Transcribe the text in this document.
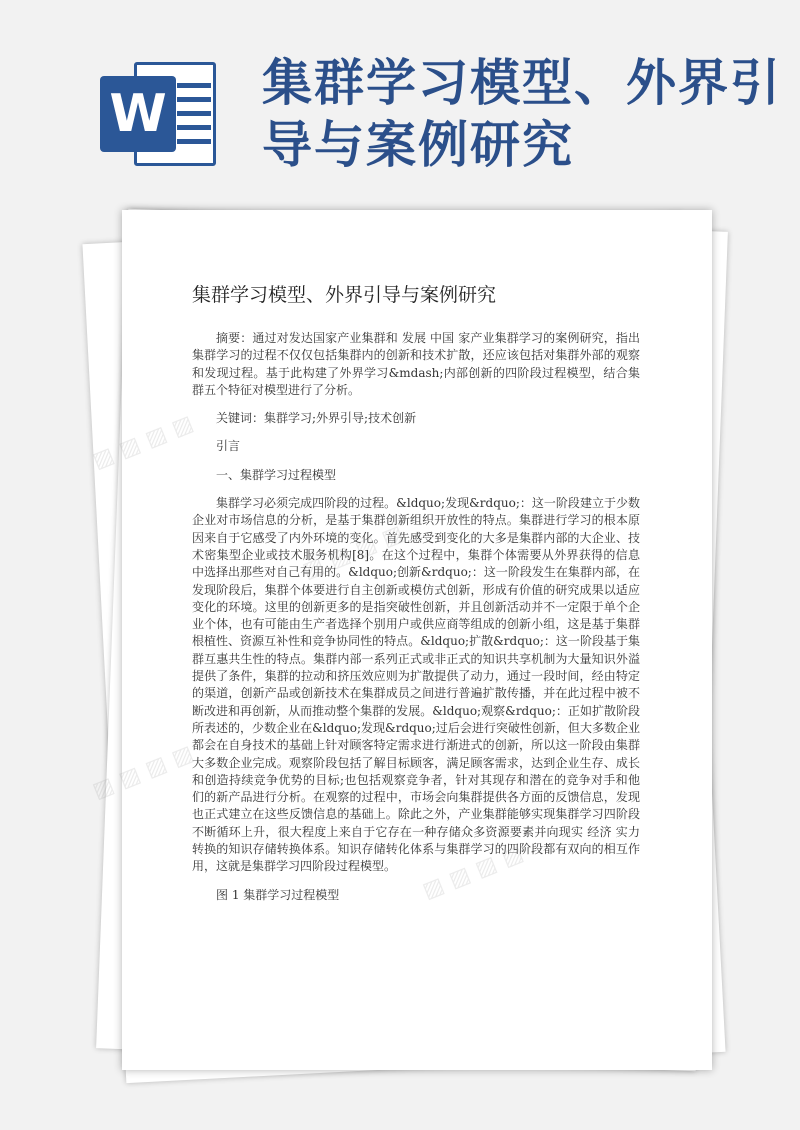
W
集群学习模型、外界引导与案例研究
集群学习模型、外界引导与案例研究

摘要：通过对发达国家产业集群和 发展 中国 家产业集群学习的案例研究，指出集群学习的过程不仅仅包括集群内的创新和技术扩散，还应该包括对集群外部的观察和发现过程。基于此构建了外界学习&mdash;内部创新的四阶段过程模型，结合集群五个特征对模型进行了分析。

关键词：集群学习;外界引导;技术创新

引言

一、集群学习过程模型

集群学习必须完成四阶段的过程。&ldquo;发现&rdquo;：这一阶段建立于少数企业对市场信息的分析，是基于集群创新组织开放性的特点。集群进行学习的根本原因来自于它感受了内外环境的变化。首先感受到变化的大多是集群内部的大企业、技术密集型企业或技术服务机构[8]。在这个过程中，集群个体需要从外界获得的信息中选择出那些对自己有用的。&ldquo;创新&rdquo;：这一阶段发生在集群内部，在发现阶段后，集群个体要进行自主创新或模仿式创新，形成有价值的研究成果以适应变化的环境。这里的创新更多的是指突破性创新，并且创新活动并不一定限于单个企业个体，也有可能由生产者选择个别用户或供应商等组成的创新小组，这是基于集群根植性、资源互补性和竞争协同性的特点。&ldquo;扩散&rdquo;：这一阶段基于集群互惠共生性的特点。集群内部一系列正式或非正式的知识共享机制为大量知识外溢提供了条件，集群的拉动和挤压效应则为扩散提供了动力，通过一段时间，经由特定的渠道，创新产品或创新技术在集群成员之间进行普遍扩散传播，并在此过程中被不断改进和再创新，从而推动整个集群的发展。&ldquo;观察&rdquo;：正如扩散阶段所表述的，少数企业在&ldquo;发现&rdquo;过后会进行突破性创新，但大多数企业都会在自身技术的基础上针对顾客特定需求进行渐进式的创新，所以这一阶段由集群大多数企业完成。观察阶段包括了解目标顾客，满足顾客需求，达到企业生存、成长和创造持续竞争优势的目标;也包括观察竞争者，针对其现存和潜在的竞争对手和他们的新产品进行分析。在观察的过程中，市场会向集群提供各方面的反馈信息，发现也正式建立在这些反馈信息的基础上。除此之外，产业集群能够实现集群学习四阶段不断循环上升，很大程度上来自于它存在一种存储众多资源要素并向现实 经济 实力转换的知识存储转换体系。知识存储转化体系与集群学习的四阶段都有双向的相互作用，这就是集群学习四阶段过程模型。

图 1 集群学习过程模型

▨
